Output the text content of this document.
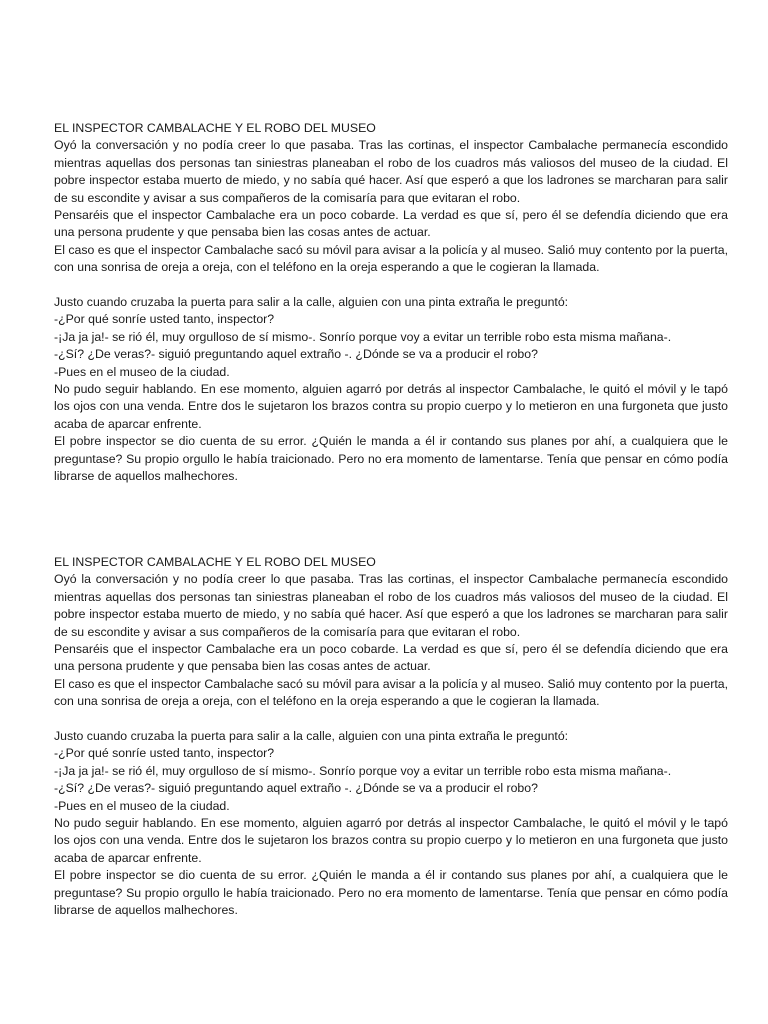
EL INSPECTOR CAMBALACHE Y EL ROBO DEL MUSEO

Oyó la conversación y no podía creer lo que pasaba. Tras las cortinas, el inspector Cambalache permanecía escondido mientras aquellas dos personas tan siniestras planeaban el robo de los cuadros más valiosos del museo de la ciudad. El pobre inspector estaba muerto de miedo, y no sabía qué hacer. Así que esperó a que los ladrones se marcharan para salir de su escondite y avisar a sus compañeros de la comisaría para que evitaran el robo.

Pensaréis que el inspector Cambalache era un poco cobarde. La verdad es que sí, pero él se defendía diciendo que era una persona prudente y que pensaba bien las cosas antes de actuar.

El caso es que el inspector Cambalache sacó su móvil para avisar a la policía y al museo. Salió muy contento por la puerta, con una sonrisa de oreja a oreja, con el teléfono en la oreja esperando a que le cogieran la llamada.

Justo cuando cruzaba la puerta para salir a la calle, alguien con una pinta extraña le preguntó:

-¿Por qué sonríe usted tanto, inspector?

-¡Ja ja ja!- se rió él, muy orgulloso de sí mismo-. Sonrío porque voy a evitar un terrible robo esta misma mañana-.

-¿Sí? ¿De veras?- siguió preguntando aquel extraño -. ¿Dónde se va a producir el robo?

-Pues en el museo de la ciudad.

No pudo seguir hablando. En ese momento, alguien agarró por detrás al inspector Cambalache, le quitó el móvil y le tapó los ojos con una venda. Entre dos le sujetaron los brazos contra su propio cuerpo y lo metieron en una furgoneta que justo acaba de aparcar enfrente.

El pobre inspector se dio cuenta de su error. ¿Quién le manda a él ir contando sus planes por ahí, a cualquiera que le preguntase? Su propio orgullo le había traicionado. Pero no era momento de lamentarse. Tenía que pensar en cómo podía librarse de aquellos malhechores.

EL INSPECTOR CAMBALACHE Y EL ROBO DEL MUSEO

Oyó la conversación y no podía creer lo que pasaba. Tras las cortinas, el inspector Cambalache permanecía escondido mientras aquellas dos personas tan siniestras planeaban el robo de los cuadros más valiosos del museo de la ciudad. El pobre inspector estaba muerto de miedo, y no sabía qué hacer. Así que esperó a que los ladrones se marcharan para salir de su escondite y avisar a sus compañeros de la comisaría para que evitaran el robo.

Pensaréis que el inspector Cambalache era un poco cobarde. La verdad es que sí, pero él se defendía diciendo que era una persona prudente y que pensaba bien las cosas antes de actuar.

El caso es que el inspector Cambalache sacó su móvil para avisar a la policía y al museo. Salió muy contento por la puerta, con una sonrisa de oreja a oreja, con el teléfono en la oreja esperando a que le cogieran la llamada.

Justo cuando cruzaba la puerta para salir a la calle, alguien con una pinta extraña le preguntó:

-¿Por qué sonríe usted tanto, inspector?

-¡Ja ja ja!- se rió él, muy orgulloso de sí mismo-. Sonrío porque voy a evitar un terrible robo esta misma mañana-.

-¿Sí? ¿De veras?- siguió preguntando aquel extraño -. ¿Dónde se va a producir el robo?

-Pues en el museo de la ciudad.

No pudo seguir hablando. En ese momento, alguien agarró por detrás al inspector Cambalache, le quitó el móvil y le tapó los ojos con una venda. Entre dos le sujetaron los brazos contra su propio cuerpo y lo metieron en una furgoneta que justo acaba de aparcar enfrente.

El pobre inspector se dio cuenta de su error. ¿Quién le manda a él ir contando sus planes por ahí, a cualquiera que le preguntase? Su propio orgullo le había traicionado. Pero no era momento de lamentarse. Tenía que pensar en cómo podía librarse de aquellos malhechores.
